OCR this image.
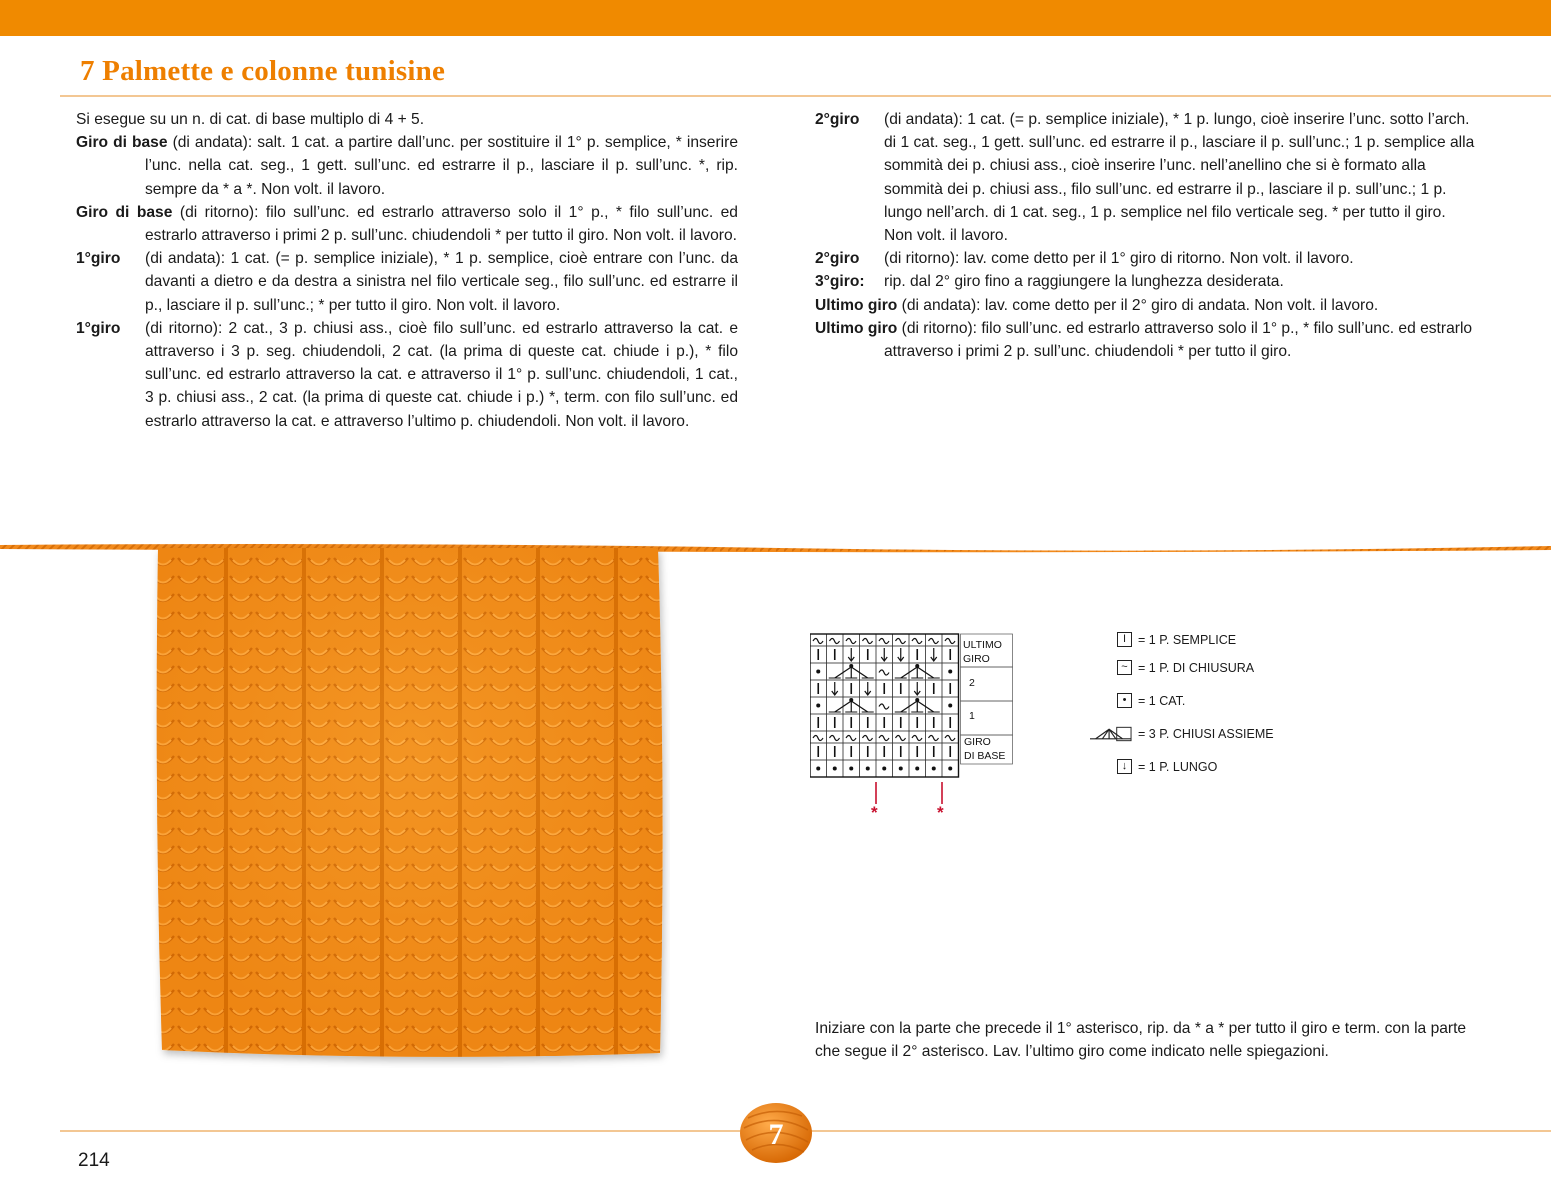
7 Palmette e colonne tunisine
Si esegue su un n. di cat. di base multiplo di 4 + 5.
Giro di base (di andata): salt. 1 cat. a partire dall’unc. per sostituire il 1° p. semplice, * inserire l’unc. nella cat. seg., 1 gett. sull’unc. ed estrarre il p., lasciare il p. sull’unc. *, rip. sempre da * a *. Non volt. il lavoro.
Giro di base (di ritorno): filo sull’unc. ed estrarlo attraverso solo il 1° p., * filo sull’unc. ed estrarlo attraverso i primi 2 p. sull’unc. chiudendoli * per tutto il giro. Non volt. il lavoro.
1°giro (di andata): 1 cat. (= p. semplice iniziale), * 1 p. semplice, cioè entrare con l’unc. da davanti a dietro e da destra a sinistra nel filo verticale seg., filo sull’unc. ed estrarre il p., lasciare il p. sull’unc.; * per tutto il giro. Non volt. il lavoro.
1°giro (di ritorno): 2 cat., 3 p. chiusi ass., cioè filo sull’unc. ed estrarlo attraverso la cat. e attraverso i 3 p. seg. chiudendoli, 2 cat. (la prima di queste cat. chiude i p.), * filo sull’unc. ed estrarlo attraverso la cat. e attraverso il 1° p. sull’unc. chiudendoli, 1 cat., 3 p. chiusi ass., 2 cat. (la prima di queste cat. chiude i p.) *, term. con filo sull’unc. ed estrarlo attraverso la cat. e attraverso l’ultimo p. chiudendoli. Non volt. il lavoro.
2°giro (di andata): 1 cat. (= p. semplice iniziale), * 1 p. lungo, cioè inserire l’unc. sotto l’arch. di 1 cat. seg., 1 gett. sull’unc. ed estrarre il p., lasciare il p. sull’unc.; 1 p. semplice alla sommità dei p. chiusi ass., cioè inserire l’unc. nell’anellino che si è formato alla sommità dei p. chiusi ass., filo sull’unc. ed estrarre il p., lasciare il p. sull’unc.; 1 p. lungo nell’arch. di 1 cat. seg., 1 p. semplice nel filo verticale seg. * per tutto il giro. Non volt. il lavoro.
2°giro (di ritorno): lav. come detto per il 1° giro di ritorno. Non volt. il lavoro.
3°giro: rip. dal 2° giro fino a raggiungere la lunghezza desiderata.
Ultimo giro (di andata): lav. come detto per il 2° giro di andata. Non volt. il lavoro.
Ultimo giro (di ritorno): filo sull’unc. ed estrarlo attraverso solo il 1° p., * filo sull’unc. ed estrarlo attraverso i primi 2 p. sull’unc. chiudendoli * per tutto il giro.
ULTIMO
GIRO
2
1
GIRO
DI BASE
*	*
I = 1 P. SEMPLICE
~ = 1 P. DI CHIUSURA
• = 1 CAT.
= 3 P. CHIUSI ASSIEME
↓ = 1 P. LUNGO
Iniziare con la parte che precede il 1° asterisco, rip. da * a * per tutto il giro e term. con la parte che segue il 2° asterisco. Lav. l’ultimo giro come indicato nelle spiegazioni.
7
214
